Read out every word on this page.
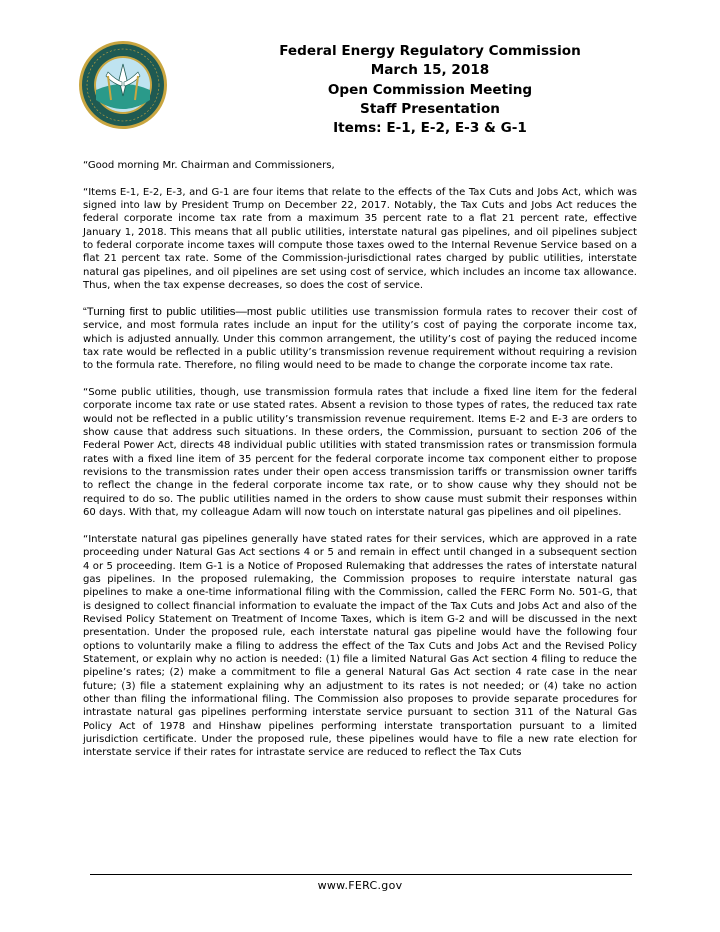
Federal Energy Regulatory Commission
March 15, 2018
Open Commission Meeting
Staff Presentation
Items: E-1, E-2, E-3 & G-1

“Good morning Mr. Chairman and Commissioners,

“Items E-1, E-2, E-3, and G-1 are four items that relate to the effects of the Tax Cuts and Jobs Act, which was signed into law by President Trump on December 22, 2017. Notably, the Tax Cuts and Jobs Act reduces the federal corporate income tax rate from a maximum 35 percent rate to a flat 21 percent rate, effective January 1, 2018. This means that all public utilities, interstate natural gas pipelines, and oil pipelines subject to federal corporate income taxes will compute those taxes owed to the Internal Revenue Service based on a flat 21 percent tax rate. Some of the Commission-jurisdictional rates charged by public utilities, interstate natural gas pipelines, and oil pipelines are set using cost of service, which includes an income tax allowance. Thus, when the tax expense decreases, so does the cost of service.

“Turning first to public utilities—most public utilities use transmission formula rates to recover their cost of service, and most formula rates include an input for the utility’s cost of paying the corporate income tax, which is adjusted annually. Under this common arrangement, the utility’s cost of paying the reduced income tax rate would be reflected in a public utility’s transmission revenue requirement without requiring a revision to the formula rate. Therefore, no filing would need to be made to change the corporate income tax rate.

“Some public utilities, though, use transmission formula rates that include a fixed line item for the federal corporate income tax rate or use stated rates. Absent a revision to those types of rates, the reduced tax rate would not be reflected in a public utility’s transmission revenue requirement. Items E-2 and E-3 are orders to show cause that address such situations. In these orders, the Commission, pursuant to section 206 of the Federal Power Act, directs 48 individual public utilities with stated transmission rates or transmission formula rates with a fixed line item of 35 percent for the federal corporate income tax component either to propose revisions to the transmission rates under their open access transmission tariffs or transmission owner tariffs to reflect the change in the federal corporate income tax rate, or to show cause why they should not be required to do so. The public utilities named in the orders to show cause must submit their responses within 60 days. With that, my colleague Adam will now touch on interstate natural gas pipelines and oil pipelines.

“Interstate natural gas pipelines generally have stated rates for their services, which are approved in a rate proceeding under Natural Gas Act sections 4 or 5 and remain in effect until changed in a subsequent section 4 or 5 proceeding. Item G-1 is a Notice of Proposed Rulemaking that addresses the rates of interstate natural gas pipelines. In the proposed rulemaking, the Commission proposes to require interstate natural gas pipelines to make a one-time informational filing with the Commission, called the FERC Form No. 501-G, that is designed to collect financial information to evaluate the impact of the Tax Cuts and Jobs Act and also of the Revised Policy Statement on Treatment of Income Taxes, which is item G-2 and will be discussed in the next presentation. Under the proposed rule, each interstate natural gas pipeline would have the following four options to voluntarily make a filing to address the effect of the Tax Cuts and Jobs Act and the Revised Policy Statement, or explain why no action is needed: (1) file a limited Natural Gas Act section 4 filing to reduce the pipeline’s rates; (2) make a commitment to file a general Natural Gas Act section 4 rate case in the near future; (3) file a statement explaining why an adjustment to its rates is not needed; or (4) take no action other than filing the informational filing. The Commission also proposes to provide separate procedures for intrastate natural gas pipelines performing interstate service pursuant to section 311 of the Natural Gas Policy Act of 1978 and Hinshaw pipelines performing interstate transportation pursuant to a limited jurisdiction certificate. Under the proposed rule, these pipelines would have to file a new rate election for interstate service if their rates for intrastate service are reduced to reflect the Tax Cuts

www.FERC.gov
